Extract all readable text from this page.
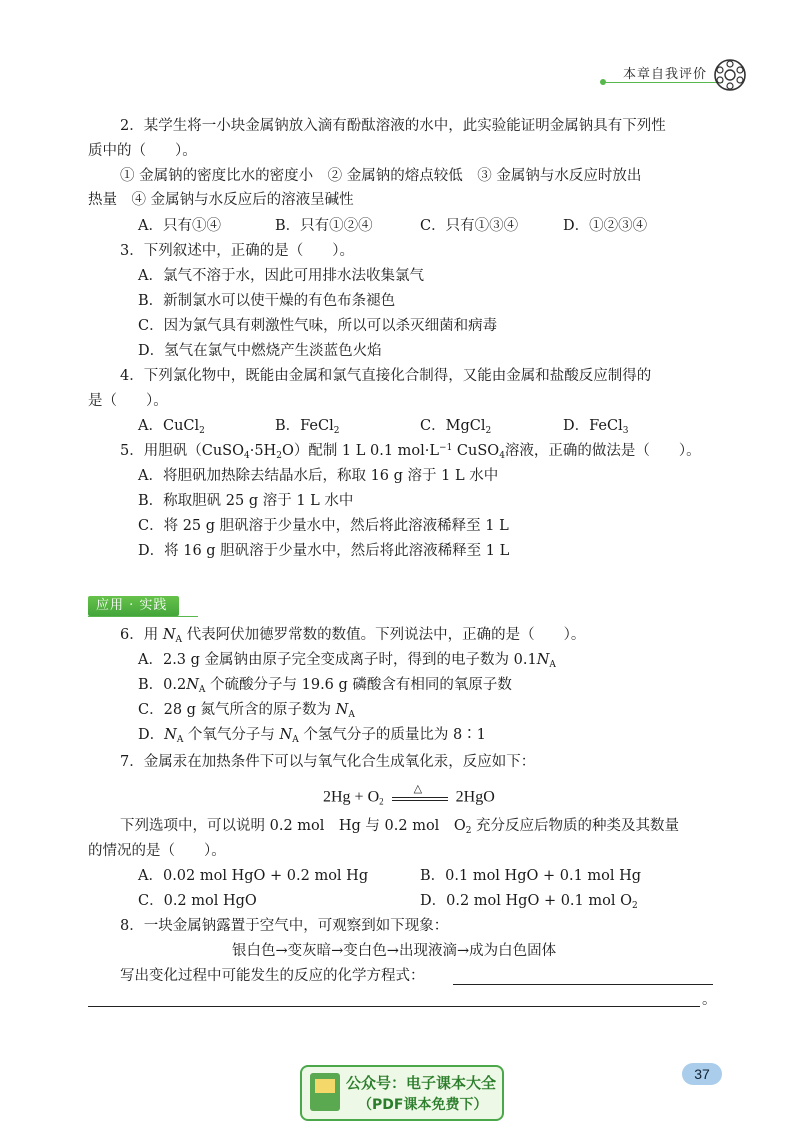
本章自我评价
2．某学生将一小块金属钠放入滴有酚酞溶液的水中，此实验能证明金属钠具有下列性
质中的（　　）。
① 金属钠的密度比水的密度小　② 金属钠的熔点较低　③ 金属钠与水反应时放出
热量　④ 金属钠与水反应后的溶液呈碱性
A．只有①④	B．只有①②④	C．只有①③④	D．①②③④
3．下列叙述中，正确的是（　　）。
A．氯气不溶于水，因此可用排水法收集氯气
B．新制氯水可以使干燥的有色布条褪色
C．因为氯气具有刺激性气味，所以可以杀灭细菌和病毒
D．氢气在氯气中燃烧产生淡蓝色火焰
4．下列氯化物中，既能由金属和氯气直接化合制得，又能由金属和盐酸反应制得的
是（　　）。
A．CuCl$_2$	B．FeCl$_2$	C．MgCl$_2$	D．FeCl$_3$
5．用胆矾$(CuSO_4\cdot 5H_2O)$配制 1 L 0.1 $mol\cdot L^{-1}$ CuSO$_4$溶液，正确的做法是（　　）。
A．将胆矾加热除去结晶水后，称取 16 g 溶于 1 L 水中
B．称取胆矾 25 g 溶于 1 L 水中
C．将 25 g 胆矾溶于少量水中，然后将此溶液稀释至 1 L
D．将 16 g 胆矾溶于少量水中，然后将此溶液稀释至 1 L
应用 · 实践
6．用 $N_A$ 代表阿伏加德罗常数的数值。下列说法中，正确的是（　　）。
A．2.3 g 金属钠由原子完全变成离子时，得到的电子数为 $0.1N_A$
B．$0.2N_A$ 个硫酸分子与 19.6 g 磷酸含有相同的氧原子数
C．28 g 氮气所含的原子数为 $N_A$
D．$N_A$ 个氧气分子与 $N_A$ 个氢气分子的质量比为 8∶1
7．金属汞在加热条件下可以与氧气化合生成氧化汞，反应如下：
$2Hg + O_2$
△ 2HgO
下列选项中，可以说明 0.2 mol　Hg 与 0.2 mol　$O_2$ 充分反应后物质的种类及其数量
的情况的是（　　）。
A．0.02 mol HgO + 0.2 mol Hg	B．0.1 mol HgO + 0.1 mol Hg
C．0.2 mol HgO	D．0.2 mol HgO + 0.1 mol $O_2$
8．一块金属钠露置于空气中，可观察到如下现象：
银白色→变灰暗→变白色→出现液滴→成为白色固体
写出变化过程中可能发生的反应的化学方程式：
。
37
公众号：电子课本大全
（PDF课本免费下）
